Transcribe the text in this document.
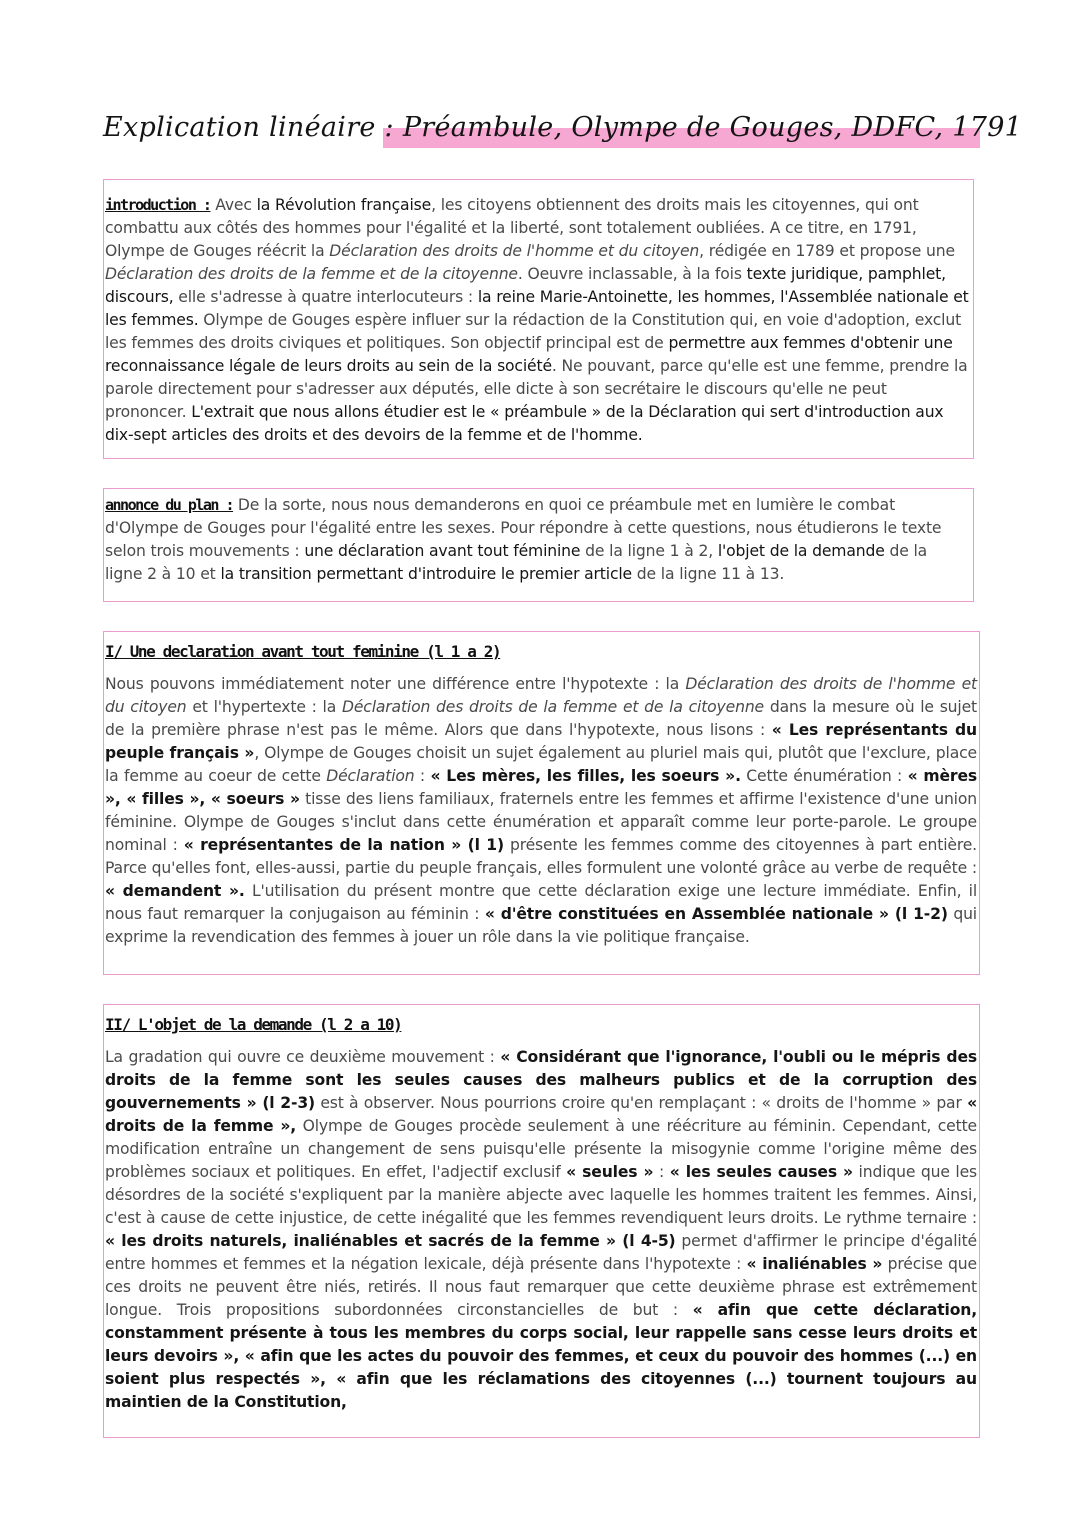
Explication linéaire : Préambule, Olympe de Gouges, DDFC, 1791

introduction : Avec la Révolution française, les citoyens obtiennent des droits mais les citoyennes, qui ont combattu aux côtés des hommes pour l'égalité et la liberté, sont totalement oubliées. A ce titre, en 1791, Olympe de Gouges réécrit la Déclaration des droits de l'homme et du citoyen, rédigée en 1789 et propose une Déclaration des droits de la femme et de la citoyenne. Oeuvre inclassable, à la fois texte juridique, pamphlet, discours, elle s'adresse à quatre interlocuteurs : la reine Marie-Antoinette, les hommes, l'Assemblée nationale et les femmes. Olympe de Gouges espère influer sur la rédaction de la Constitution qui, en voie d'adoption, exclut les femmes des droits civiques et politiques. Son objectif principal est de permettre aux femmes d'obtenir une reconnaissance légale de leurs droits au sein de la société. Ne pouvant, parce qu'elle est une femme, prendre la parole directement pour s'adresser aux députés, elle dicte à son secrétaire le discours qu'elle ne peut prononcer. L'extrait que nous allons étudier est le « préambule » de la Déclaration qui sert d'introduction aux dix-sept articles des droits et des devoirs de la femme et de l'homme.

annonce du plan : De la sorte, nous nous demanderons en quoi ce préambule met en lumière le combat d'Olympe de Gouges pour l'égalité entre les sexes. Pour répondre à cette questions, nous étudierons le texte selon trois mouvements : une déclaration avant tout féminine de la ligne 1 à 2, l'objet de la demande de la ligne 2 à 10 et la transition permettant d'introduire le premier article de la ligne 11 à 13.

I/ Une declaration avant tout feminine (l 1 a 2)

Nous pouvons immédiatement noter une différence entre l'hypotexte : la Déclaration des droits de l'homme et du citoyen et l'hypertexte : la Déclaration des droits de la femme et de la citoyenne dans la mesure où le sujet de la première phrase n'est pas le même. Alors que dans l'hypotexte, nous lisons : « Les représentants du peuple français », Olympe de Gouges choisit un sujet également au pluriel mais qui, plutôt que l'exclure, place la femme au coeur de cette Déclaration : « Les mères, les filles, les soeurs ». Cette énumération : « mères », « filles », « soeurs » tisse des liens familiaux, fraternels entre les femmes et affirme l'existence d'une union féminine. Olympe de Gouges s'inclut dans cette énumération et apparaît comme leur porte-parole. Le groupe nominal : « représentantes de la nation » (l 1) présente les femmes comme des citoyennes à part entière. Parce qu'elles font, elles-aussi, partie du peuple français, elles formulent une volonté grâce au verbe de requête : « demandent ». L'utilisation du présent montre que cette déclaration exige une lecture immédiate. Enfin, il nous faut remarquer la conjugaison au féminin : « d'être constituées en Assemblée nationale » (l 1-2) qui exprime la revendication des femmes à jouer un rôle dans la vie politique française.

II/ L'objet de la demande (l 2 a 10)

La gradation qui ouvre ce deuxième mouvement : « Considérant que l'ignorance, l'oubli ou le mépris des droits de la femme sont les seules causes des malheurs publics et de la corruption des gouvernements » (l 2-3) est à observer. Nous pourrions croire qu'en remplaçant : « droits de l'homme » par « droits de la femme », Olympe de Gouges procède seulement à une réécriture au féminin. Cependant, cette modification entraîne un changement de sens puisqu'elle présente la misogynie comme l'origine même des problèmes sociaux et politiques. En effet, l'adjectif exclusif « seules » : « les seules causes » indique que les désordres de la société s'expliquent par la manière abjecte avec laquelle les hommes traitent les femmes. Ainsi, c'est à cause de cette injustice, de cette inégalité que les femmes revendiquent leurs droits. Le rythme ternaire : « les droits naturels, inaliénables et sacrés de la femme » (l 4-5) permet d'affirmer le principe d'égalité entre hommes et femmes et la négation lexicale, déjà présente dans l'hypotexte : « inaliénables » précise que ces droits ne peuvent être niés, retirés. Il nous faut remarquer que cette deuxième phrase est extrêmement longue. Trois propositions subordonnées circonstancielles de but : « afin que cette déclaration, constamment présente à tous les membres du corps social, leur rappelle sans cesse leurs droits et leurs devoirs », « afin que les actes du pouvoir des femmes, et ceux du pouvoir des hommes (...) en soient plus respectés », « afin que les réclamations des citoyennes (...) tournent toujours au maintien de la Constitution,
